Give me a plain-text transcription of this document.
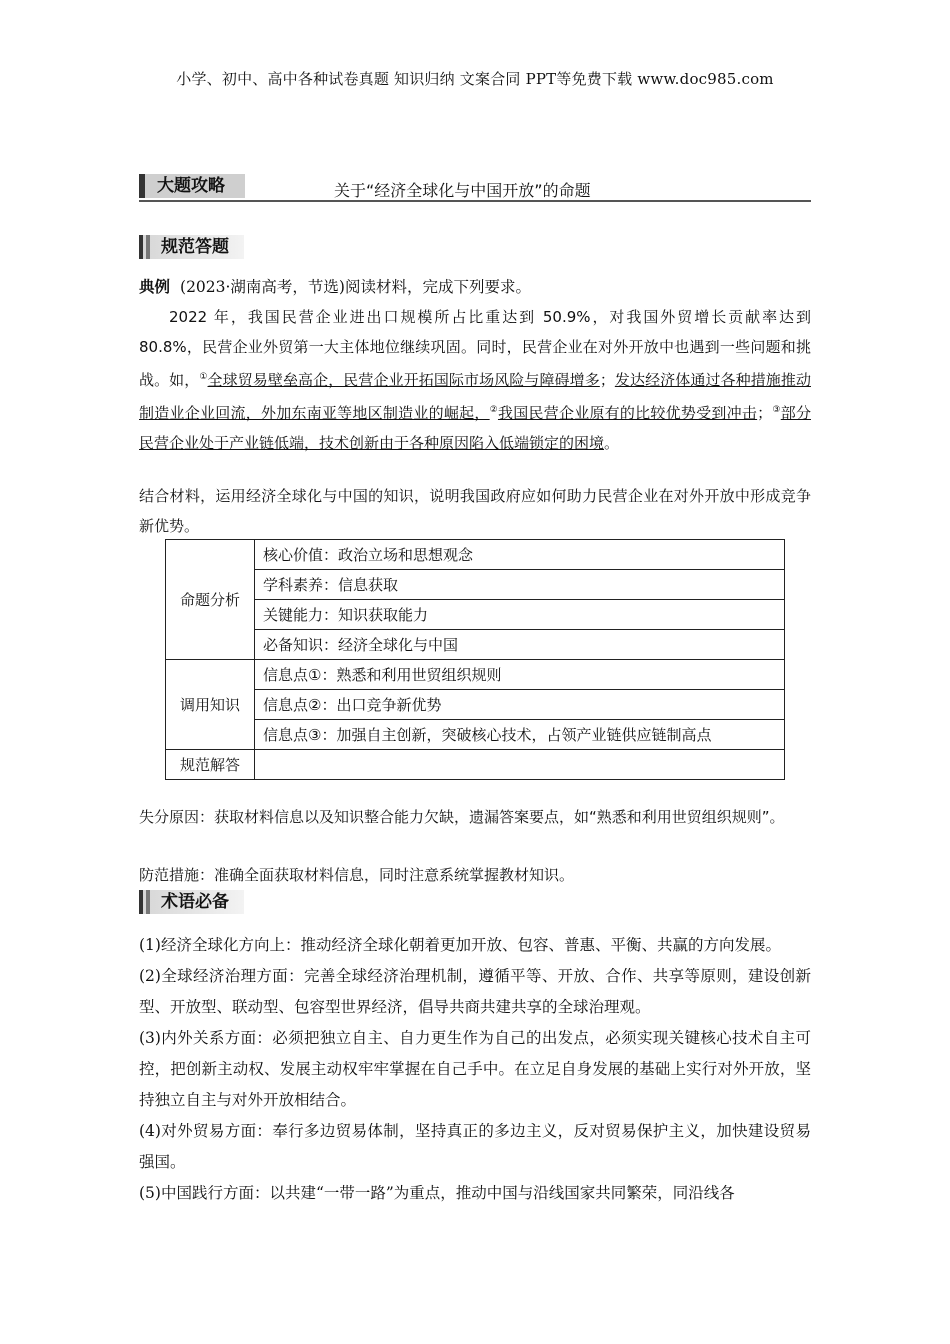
小学、初中、高中各种试卷真题 知识归纳 文案合同 PPT等免费下载 www.doc985.com
大题攻略	关于“经济全球化与中国开放”的命题
规范答题
典例 (2023·湖南高考，节选)阅读材料，完成下列要求。
2022 年，我国民营企业进出口规模所占比重达到 50.9%，对我国外贸增长贡献率达到 80.8%，民营企业外贸第一大主体地位继续巩固。同时，民营企业在对外开放中也遇到一些问题和挑战。如，①全球贸易壁垒高企，民营企业开拓国际市场风险与障碍增多；发达经济体通过各种措施推动制造业企业回流，外加东南亚等地区制造业的崛起，②我国民营企业原有的比较优势受到冲击；③部分民营企业处于产业链低端，技术创新由于各种原因陷入低端锁定的困境。
结合材料，运用经济全球化与中国的知识，说明我国政府应如何助力民营企业在对外开放中形成竞争新优势。
命题分析	核心价值：政治立场和思想观念
	学科素养：信息获取
	关键能力：知识获取能力
	必备知识：经济全球化与中国
调用知识	信息点①：熟悉和利用世贸组织规则
	信息点②：出口竞争新优势
	信息点③：加强自主创新，突破核心技术，占领产业链供应链制高点
规范解答	
失分原因：获取材料信息以及知识整合能力欠缺，遗漏答案要点，如“熟悉和利用世贸组织规则”。
防范措施：准确全面获取材料信息，同时注意系统掌握教材知识。
术语必备

(1)经济全球化方向上：推动经济全球化朝着更加开放、包容、普惠、平衡、共赢的方向发展。

(2)全球经济治理方面：完善全球经济治理机制，遵循平等、开放、合作、共享等原则，建设创新型、开放型、联动型、包容型世界经济，倡导共商共建共享的全球治理观。

(3)内外关系方面：必须把独立自主、自力更生作为自己的出发点，必须实现关键核心技术自主可控，把创新主动权、发展主动权牢牢掌握在自己手中。在立足自身发展的基础上实行对外开放，坚持独立自主与对外开放相结合。

(4)对外贸易方面：奉行多边贸易体制，坚持真正的多边主义，反对贸易保护主义，加快建设贸易强国。

(5)中国践行方面：以共建“一带一路”为重点，推动中国与沿线国家共同繁荣，同沿线各
